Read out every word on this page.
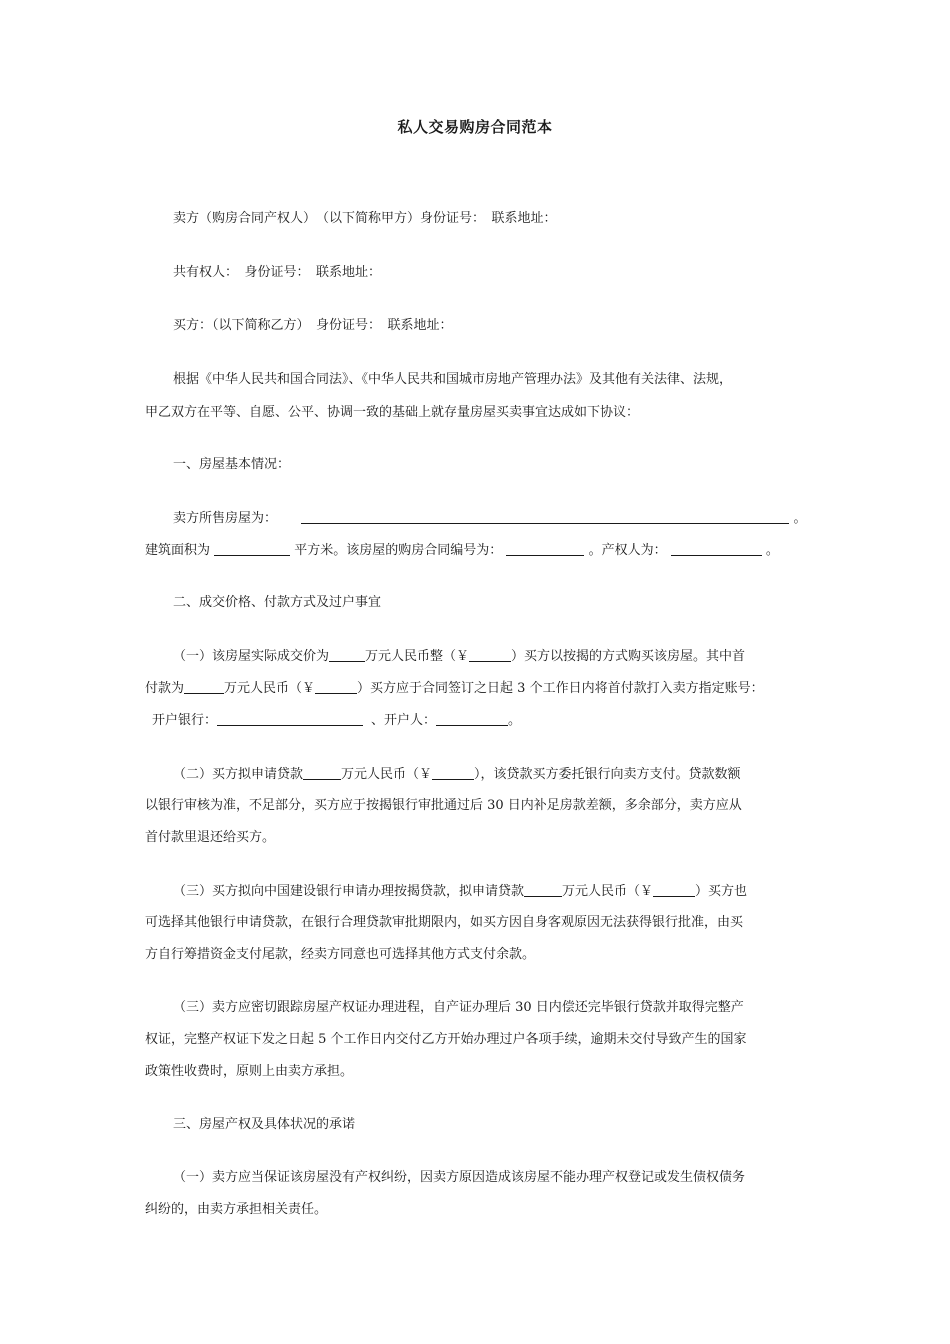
私人交易购房合同范本
卖方（购房合同产权人）　（以下简称甲方）身份证号：　联系地址：
共有权人：　身份证号：　联系地址：
买方：（以下简称乙方）　身份证号：　联系地址：
根据《中华人民共和国合同法》、《中华人民共和国城市房地产管理办法》及其他有关法律、法规，
甲乙双方在平等、自愿、公平、协调一致的基础上就存量房屋买卖事宜达成如下协议：
一、房屋基本情况：
卖方所售房屋为：	。
建筑面积为	平方米。该房屋的购房合同编号为：	。产权人为：	。
二、成交价格、付款方式及过户事宜
（一）该房屋实际成交价为	万元人民币整（￥	）买方以按揭的方式购买该房屋。其中首
付款为	万元人民币（￥	）买方应于合同签订之日起 3 个工作日内将首付款打入卖方指定账号：
开户银行：	、开户人：	。
（二）买方拟申请贷款	万元人民币（￥	），该贷款买方委托银行向卖方支付。贷款数额
以银行审核为准，不足部分，买方应于按揭银行审批通过后 30 日内补足房款差额，多余部分，卖方应从
首付款里退还给买方。
（三）买方拟向中国建设银行申请办理按揭贷款，拟申请贷款	万元人民币（￥	）买方也
可选择其他银行申请贷款，在银行合理贷款审批期限内，如买方因自身客观原因无法获得银行批准，由买
方自行筹措资金支付尾款，经卖方同意也可选择其他方式支付余款。
（三）卖方应密切跟踪房屋产权证办理进程，自产证办理后 30 日内偿还完毕银行贷款并取得完整产
权证，完整产权证下发之日起 5 个工作日内交付乙方开始办理过户各项手续，逾期未交付导致产生的国家
政策性收费时，原则上由卖方承担。
三、房屋产权及具体状况的承诺
（一）卖方应当保证该房屋没有产权纠纷，因卖方原因造成该房屋不能办理产权登记或发生债权债务
纠纷的，由卖方承担相关责任。
